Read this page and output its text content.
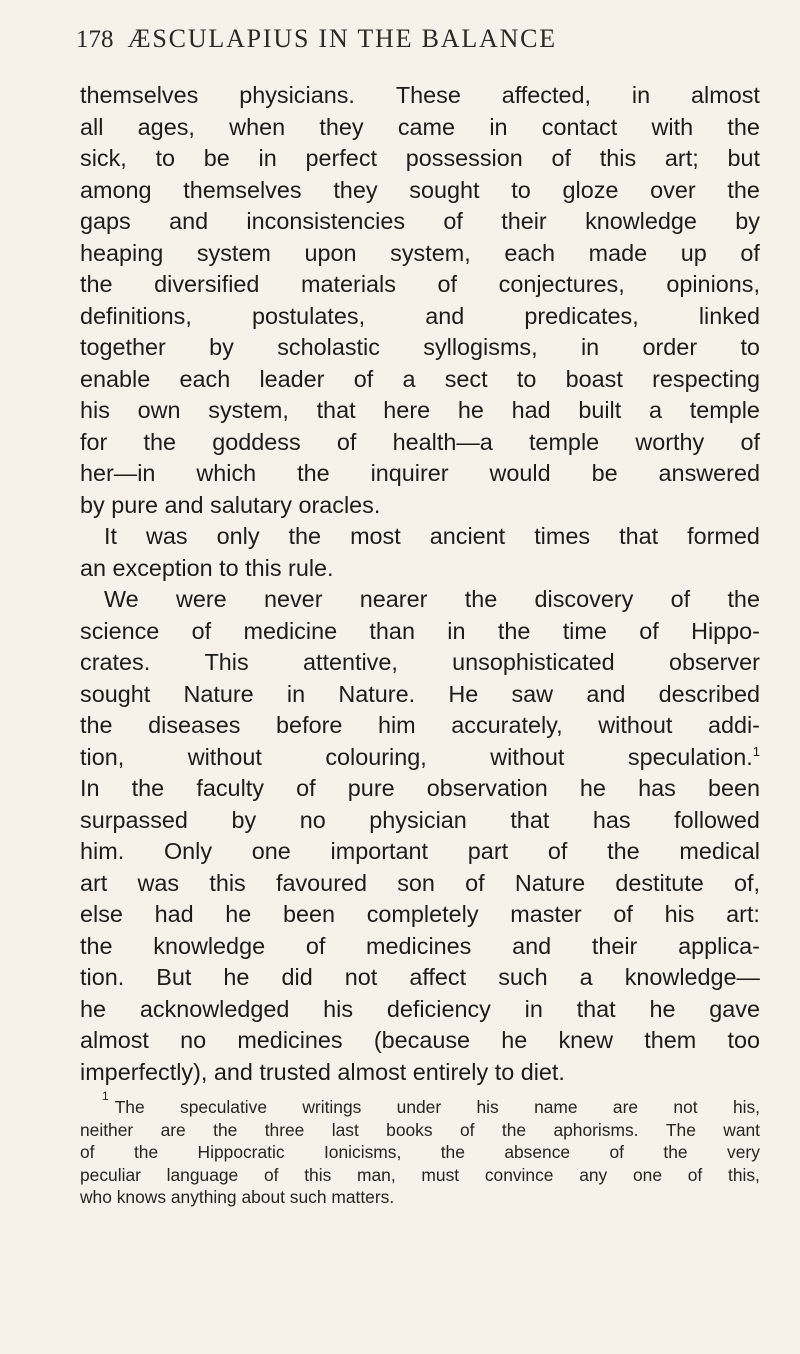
178 ÆSCULAPIUS IN THE BALANCE
themselves physicians. These affected, in almost
all ages, when they came in contact with the
sick, to be in perfect possession of this art; but
among themselves they sought to gloze over the
gaps and inconsistencies of their knowledge by
heaping system upon system, each made up of
the diversified materials of conjectures, opinions,
definitions,	postulates,	and	predicates,	linked
together by scholastic syllogisms, in order to
enable each leader of a sect to boast respecting
his own system, that here he had built a temple
for the goddess of health—a temple worthy of
her—in which the inquirer would be answered
by pure and salutary oracles.
It was only the most ancient times that formed
an exception to this rule.
We were never nearer the discovery of the
science of medicine than in the time of Hippo-
crates. This attentive, unsophisticated observer
sought Nature in Nature. He saw and described
the diseases before him accurately, without addi-
tion,	without	colouring,	without	speculation.$^1$
In the faculty of pure observation he has been
surpassed by no physician that has followed
him. Only one important part of the medical
art was this favoured son of Nature destitute of,
else had he been completely master of his art:
the knowledge of medicines and their applica-
tion. But he did not affect such a knowledge—
he acknowledged his deficiency in that he gave
almost no medicines (because he knew them too
imperfectly), and trusted almost entirely to diet.
1
The speculative writings under his name are not his,
neither are the three last books of the aphorisms. The want
of the Hippocratic Ionicisms, the absence of the very
peculiar language of this man, must convince any one of this,
who knows anything about such matters.
